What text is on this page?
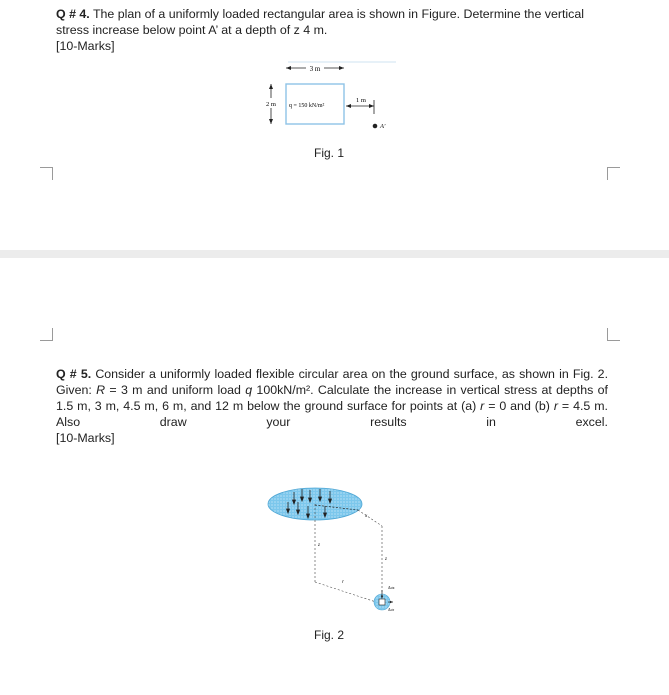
Q # 4. The plan of a uniformly loaded rectangular area is shown in Figure. Determine the vertical stress increase below point A’ at a depth of z 4 m.
[10-Marks]
3 m
2 m q = 150 kN/m²
1 m
A'
Fig. 1
Q # 5. Consider a uniformly loaded flexible circular area on the ground surface, as shown in Fig. 2. Given: R = 3 m and uniform load q 100kN/m². Calculate the increase in vertical stress at depths of 1.5 m, 3 m, 4.5 m, 6 m, and 12 m below the ground surface for points at (a) r = 0 and (b) r = 4.5 m. Also	draw	your	results	in	excel.
[10-Marks]
z
z
r
x
Δσz
Δσr
Fig. 2
